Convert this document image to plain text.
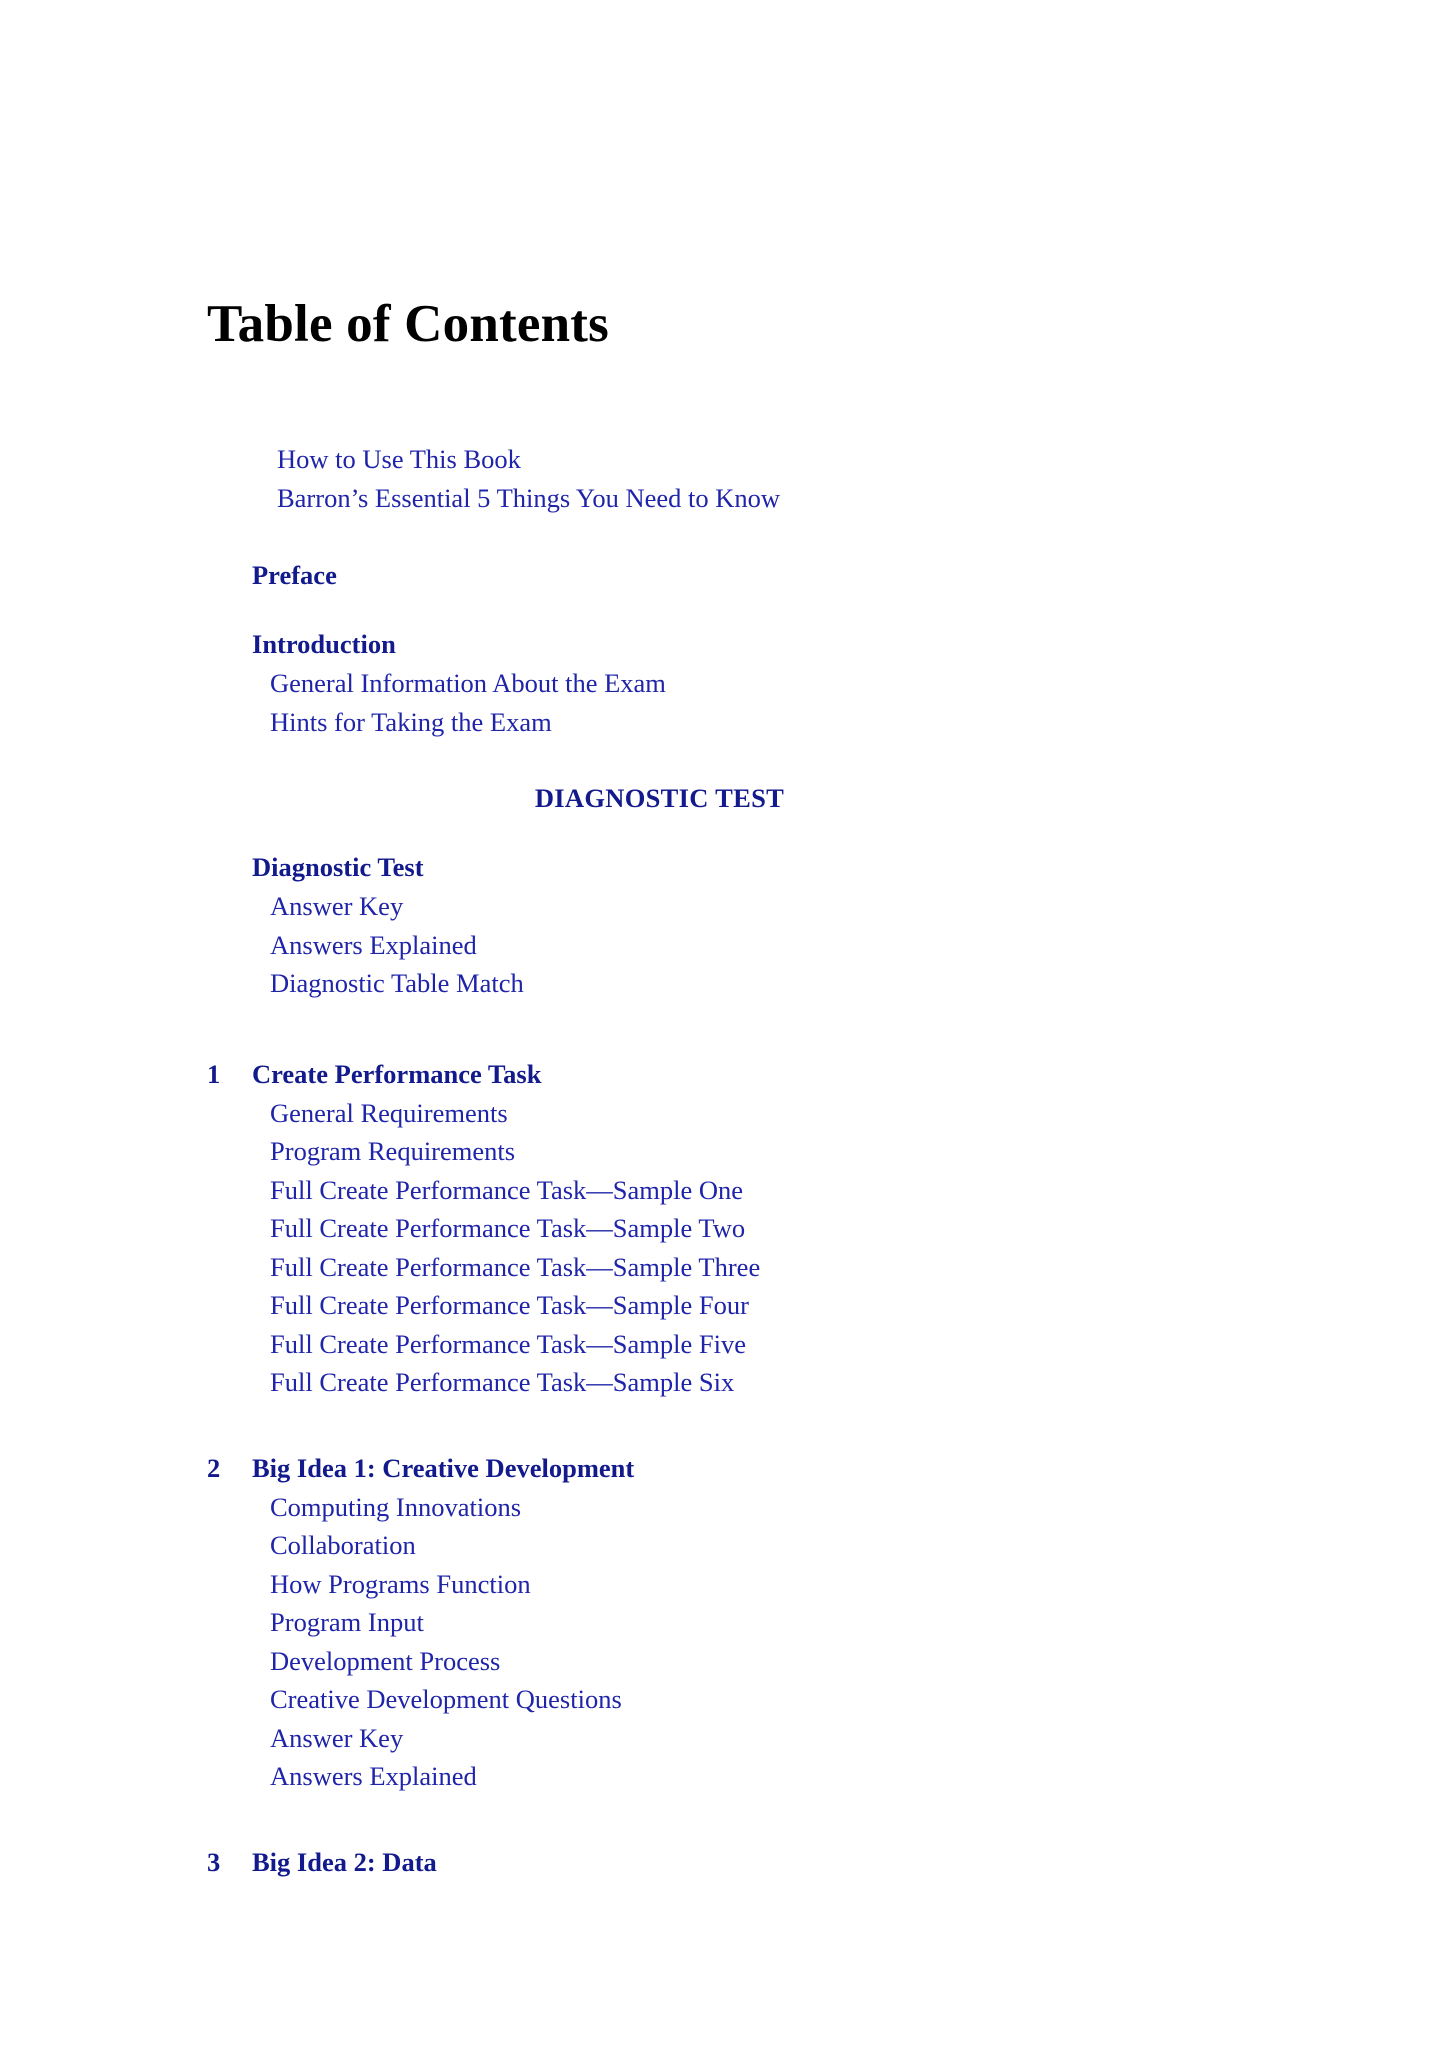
Table of Contents
How to Use This Book
Barron’s Essential 5 Things You Need to Know
Preface
Introduction
General Information About the Exam
Hints for Taking the Exam
DIAGNOSTIC TEST
Diagnostic Test
Answer Key
Answers Explained
Diagnostic Table Match
1 Create Performance Task
General Requirements
Program Requirements
Full Create Performance Task—Sample One
Full Create Performance Task—Sample Two
Full Create Performance Task—Sample Three
Full Create Performance Task—Sample Four
Full Create Performance Task—Sample Five
Full Create Performance Task—Sample Six
2 Big Idea 1: Creative Development
Computing Innovations
Collaboration
How Programs Function
Program Input
Development Process
Creative Development Questions
Answer Key
Answers Explained
3 Big Idea 2: Data
